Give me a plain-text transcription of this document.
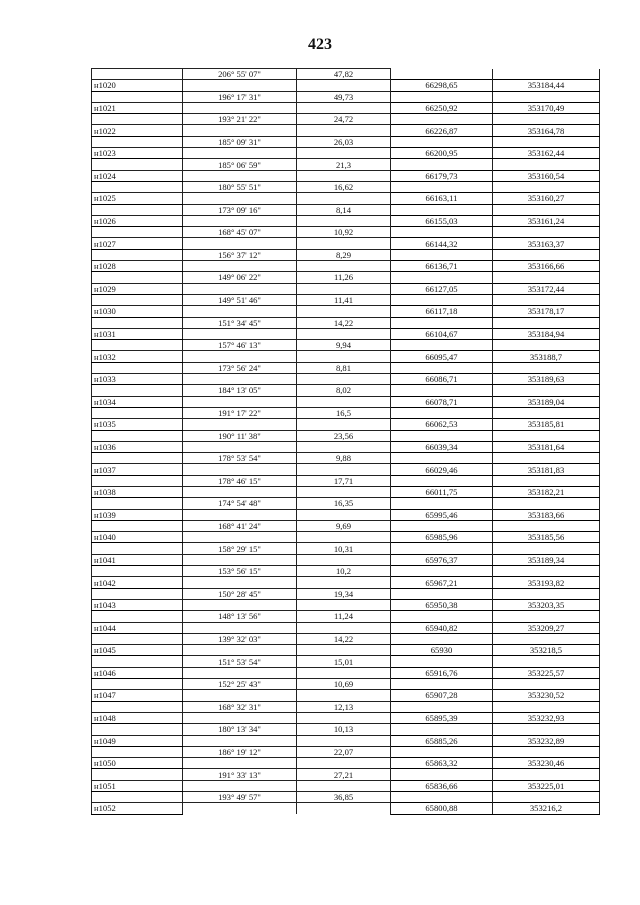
423
	206° 55' 07"	47,82		
н1020			66298,65	353184,44
	196° 17' 31"	49,73		
н1021			66250,92	353170,49
	193° 21' 22"	24,72		
н1022			66226,87	353164,78
	185° 09' 31"	26,03		
н1023			66200,95	353162,44
	185° 06' 59"	21,3		
н1024			66179,73	353160,54
	180° 55' 51"	16,62		
н1025			66163,11	353160,27
	173° 09' 16"	8,14		
н1026			66155,03	353161,24
	168° 45' 07"	10,92		
н1027			66144,32	353163,37
	156° 37' 12"	8,29		
н1028			66136,71	353166,66
	149° 06' 22"	11,26		
н1029			66127,05	353172,44
	149° 51' 46"	11,41		
н1030			66117,18	353178,17
	151° 34' 45"	14,22		
н1031			66104,67	353184,94
	157° 46' 13"	9,94		
н1032			66095,47	353188,7
	173° 56' 24"	8,81		
н1033			66086,71	353189,63
	184° 13' 05"	8,02		
н1034			66078,71	353189,04
	191° 17' 22"	16,5		
н1035			66062,53	353185,81
	190° 11' 38"	23,56		
н1036			66039,34	353181,64
	178° 53' 54"	9,88		
н1037			66029,46	353181,83
	178° 46' 15"	17,71		
н1038			66011,75	353182,21
	174° 54' 48"	16,35		
н1039			65995,46	353183,66
	168° 41' 24"	9,69		
н1040			65985,96	353185,56
	158° 29' 15"	10,31		
н1041			65976,37	353189,34
	153° 56' 15"	10,2		
н1042			65967,21	353193,82
	150° 28' 45"	19,34		
н1043			65950,38	353203,35
	148° 13' 56"	11,24		
н1044			65940,82	353209,27
	139° 32' 03"	14,22		
н1045			65930	353218,5
	151° 53' 54"	15,01		
н1046			65916,76	353225,57
	152° 25' 43"	10,69		
н1047			65907,28	353230,52
	168° 32' 31"	12,13		
н1048			65895,39	353232,93
	180° 13' 34"	10,13		
н1049			65885,26	353232,89
	186° 19' 12"	22,07		
н1050			65863,32	353230,46
	191° 33' 13"	27,21		
н1051			65836,66	353225,01
	193° 49' 57"	36,85		
н1052			65800,88	353216,2
